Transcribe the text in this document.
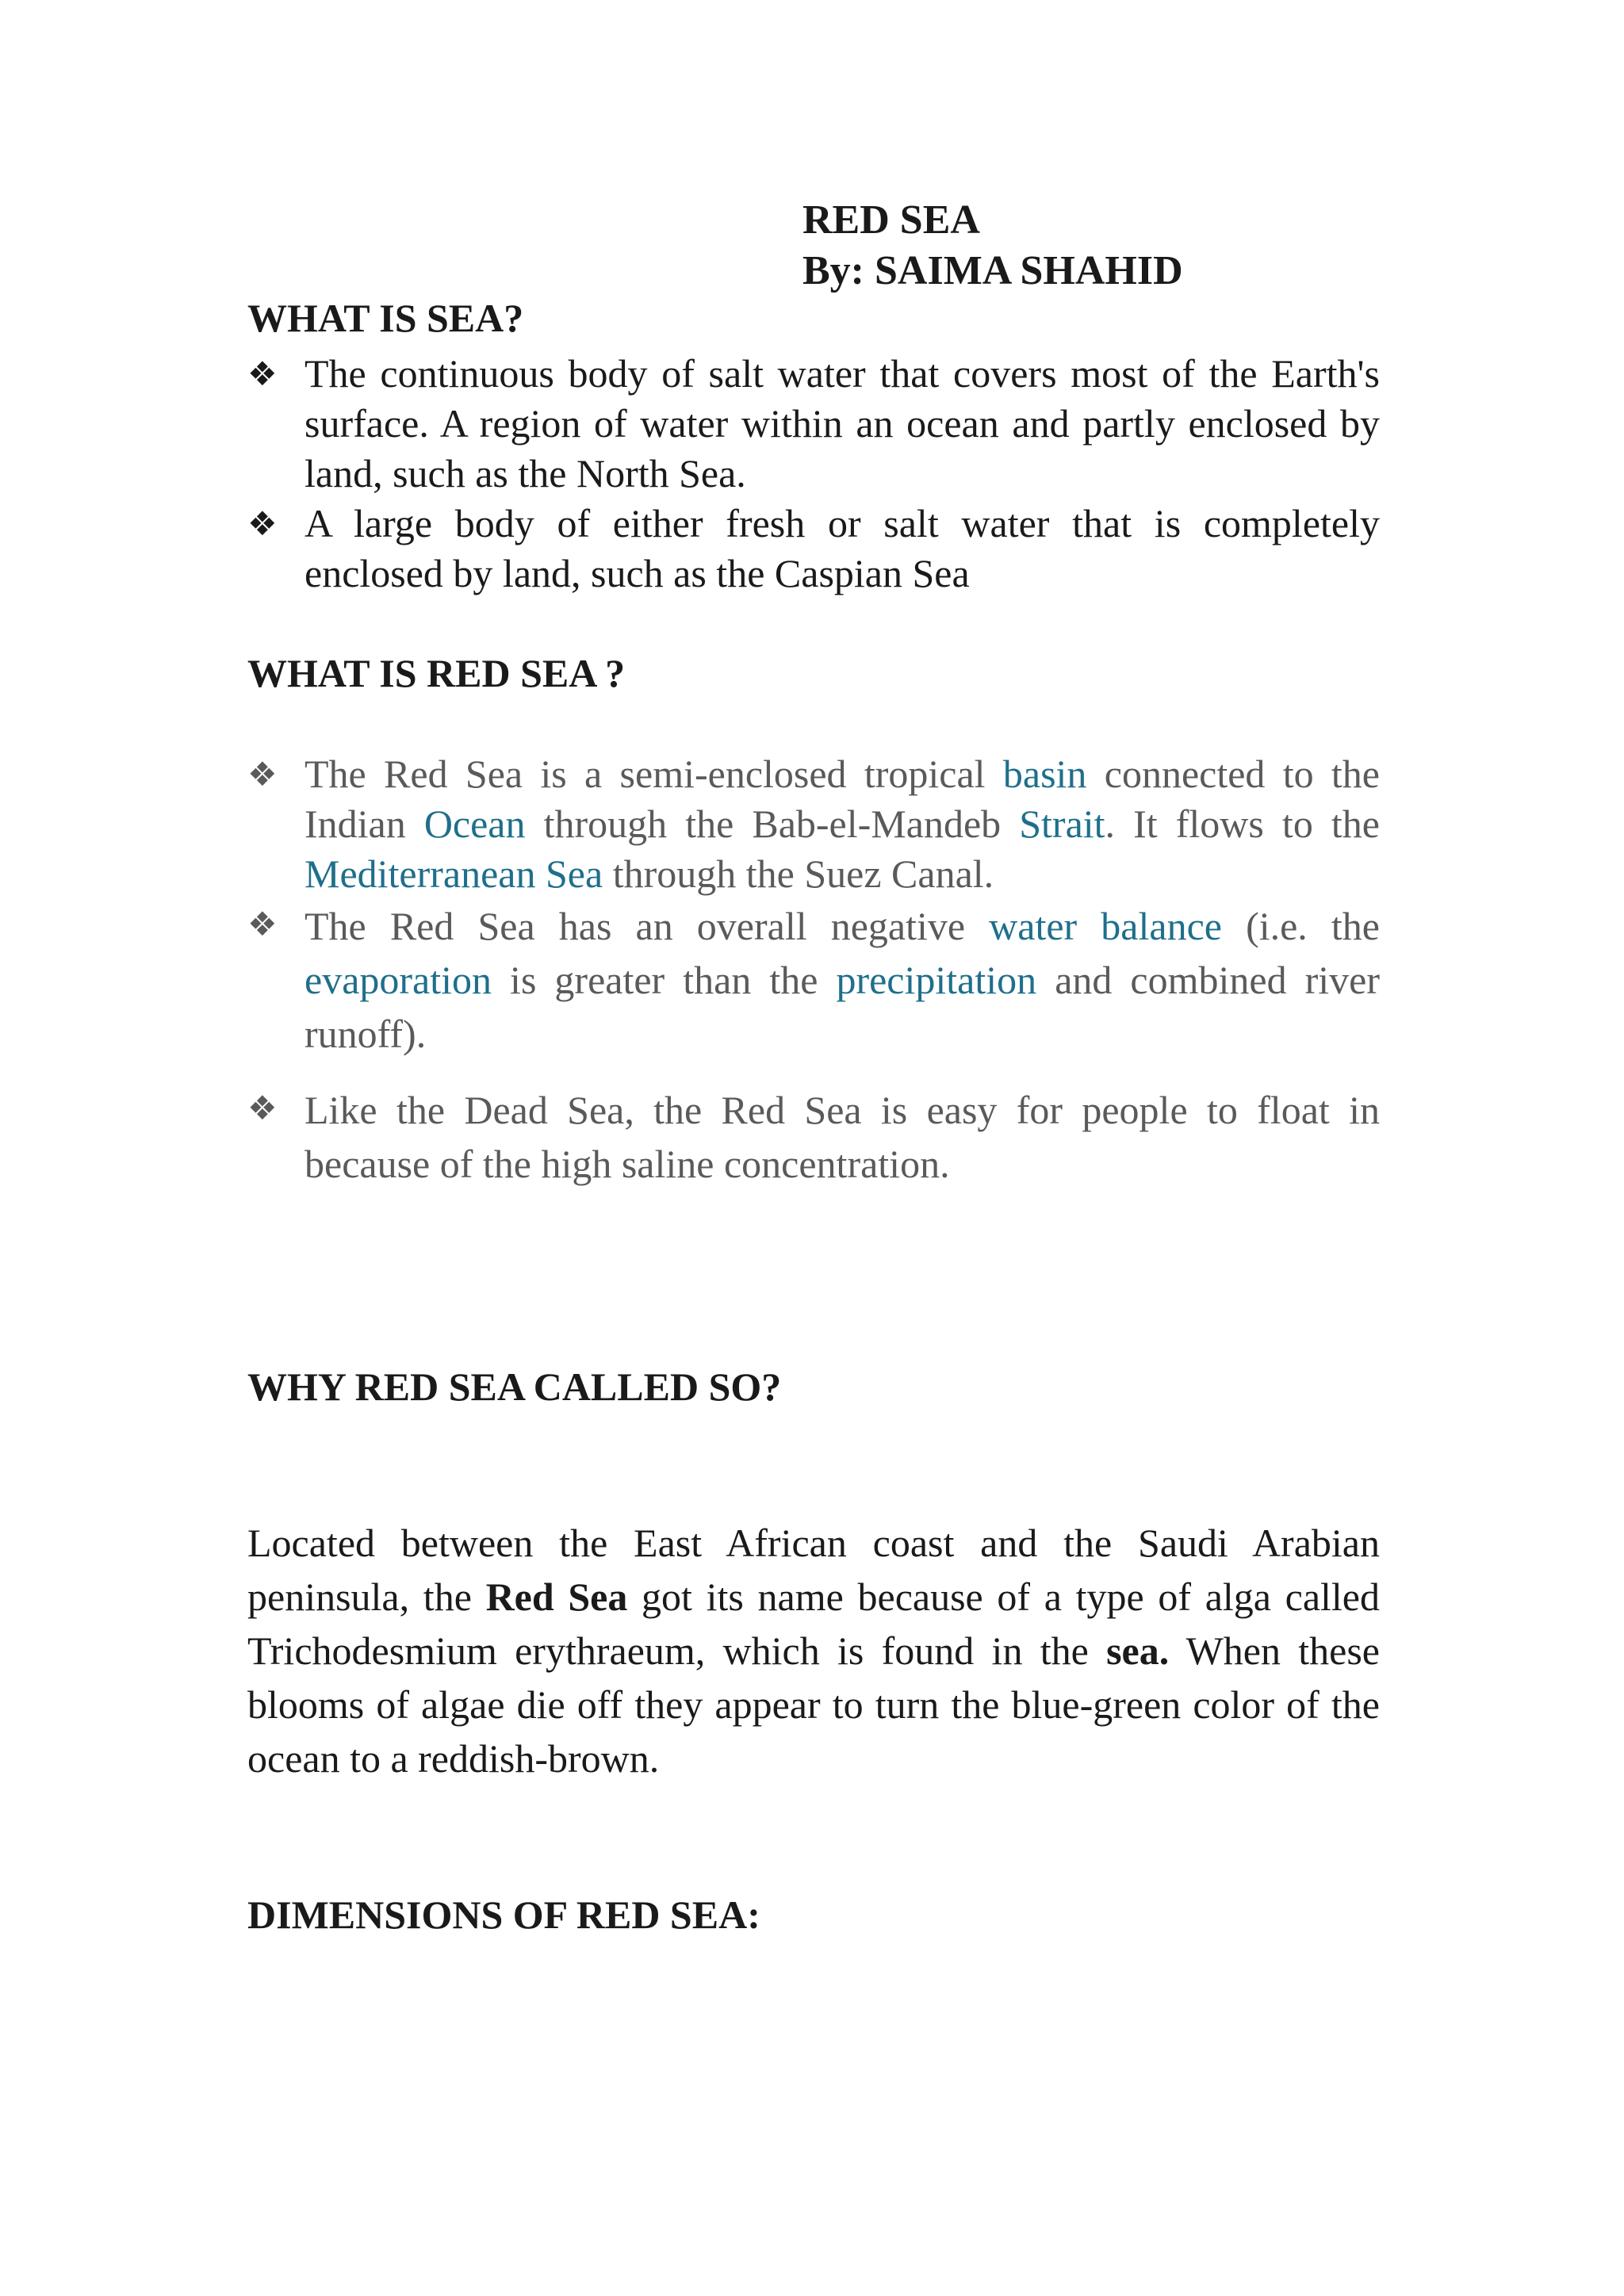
RED SEA
By: SAIMA SHAHID
WHAT IS SEA?
❖ The continuous body of salt water that covers most of the Earth's surface. A region of water within an ocean and partly enclosed by land, such as the North Sea.
❖ A large body of either fresh or salt water that is completely enclosed by land, such as the Caspian Sea
WHAT IS RED SEA ?
❖ The Red Sea is a semi-enclosed tropical basin connected to the Indian Ocean through the Bab-el-Mandeb Strait. It flows to the Mediterranean Sea through the Suez Canal.
❖ The Red Sea has an overall negative water balance (i.e. the evaporation is greater than the precipitation and combined river runoff).
❖ Like the Dead Sea, the Red Sea is easy for people to float in because of the high saline concentration.
WHY RED SEA CALLED SO?

Located between the East African coast and the Saudi Arabian peninsula, the Red Sea got its name because of a type of alga called Trichodesmium erythraeum, which is found in the sea. When these blooms of algae die off they appear to turn the blue-green color of the ocean to a reddish-brown.

DIMENSIONS OF RED SEA:
